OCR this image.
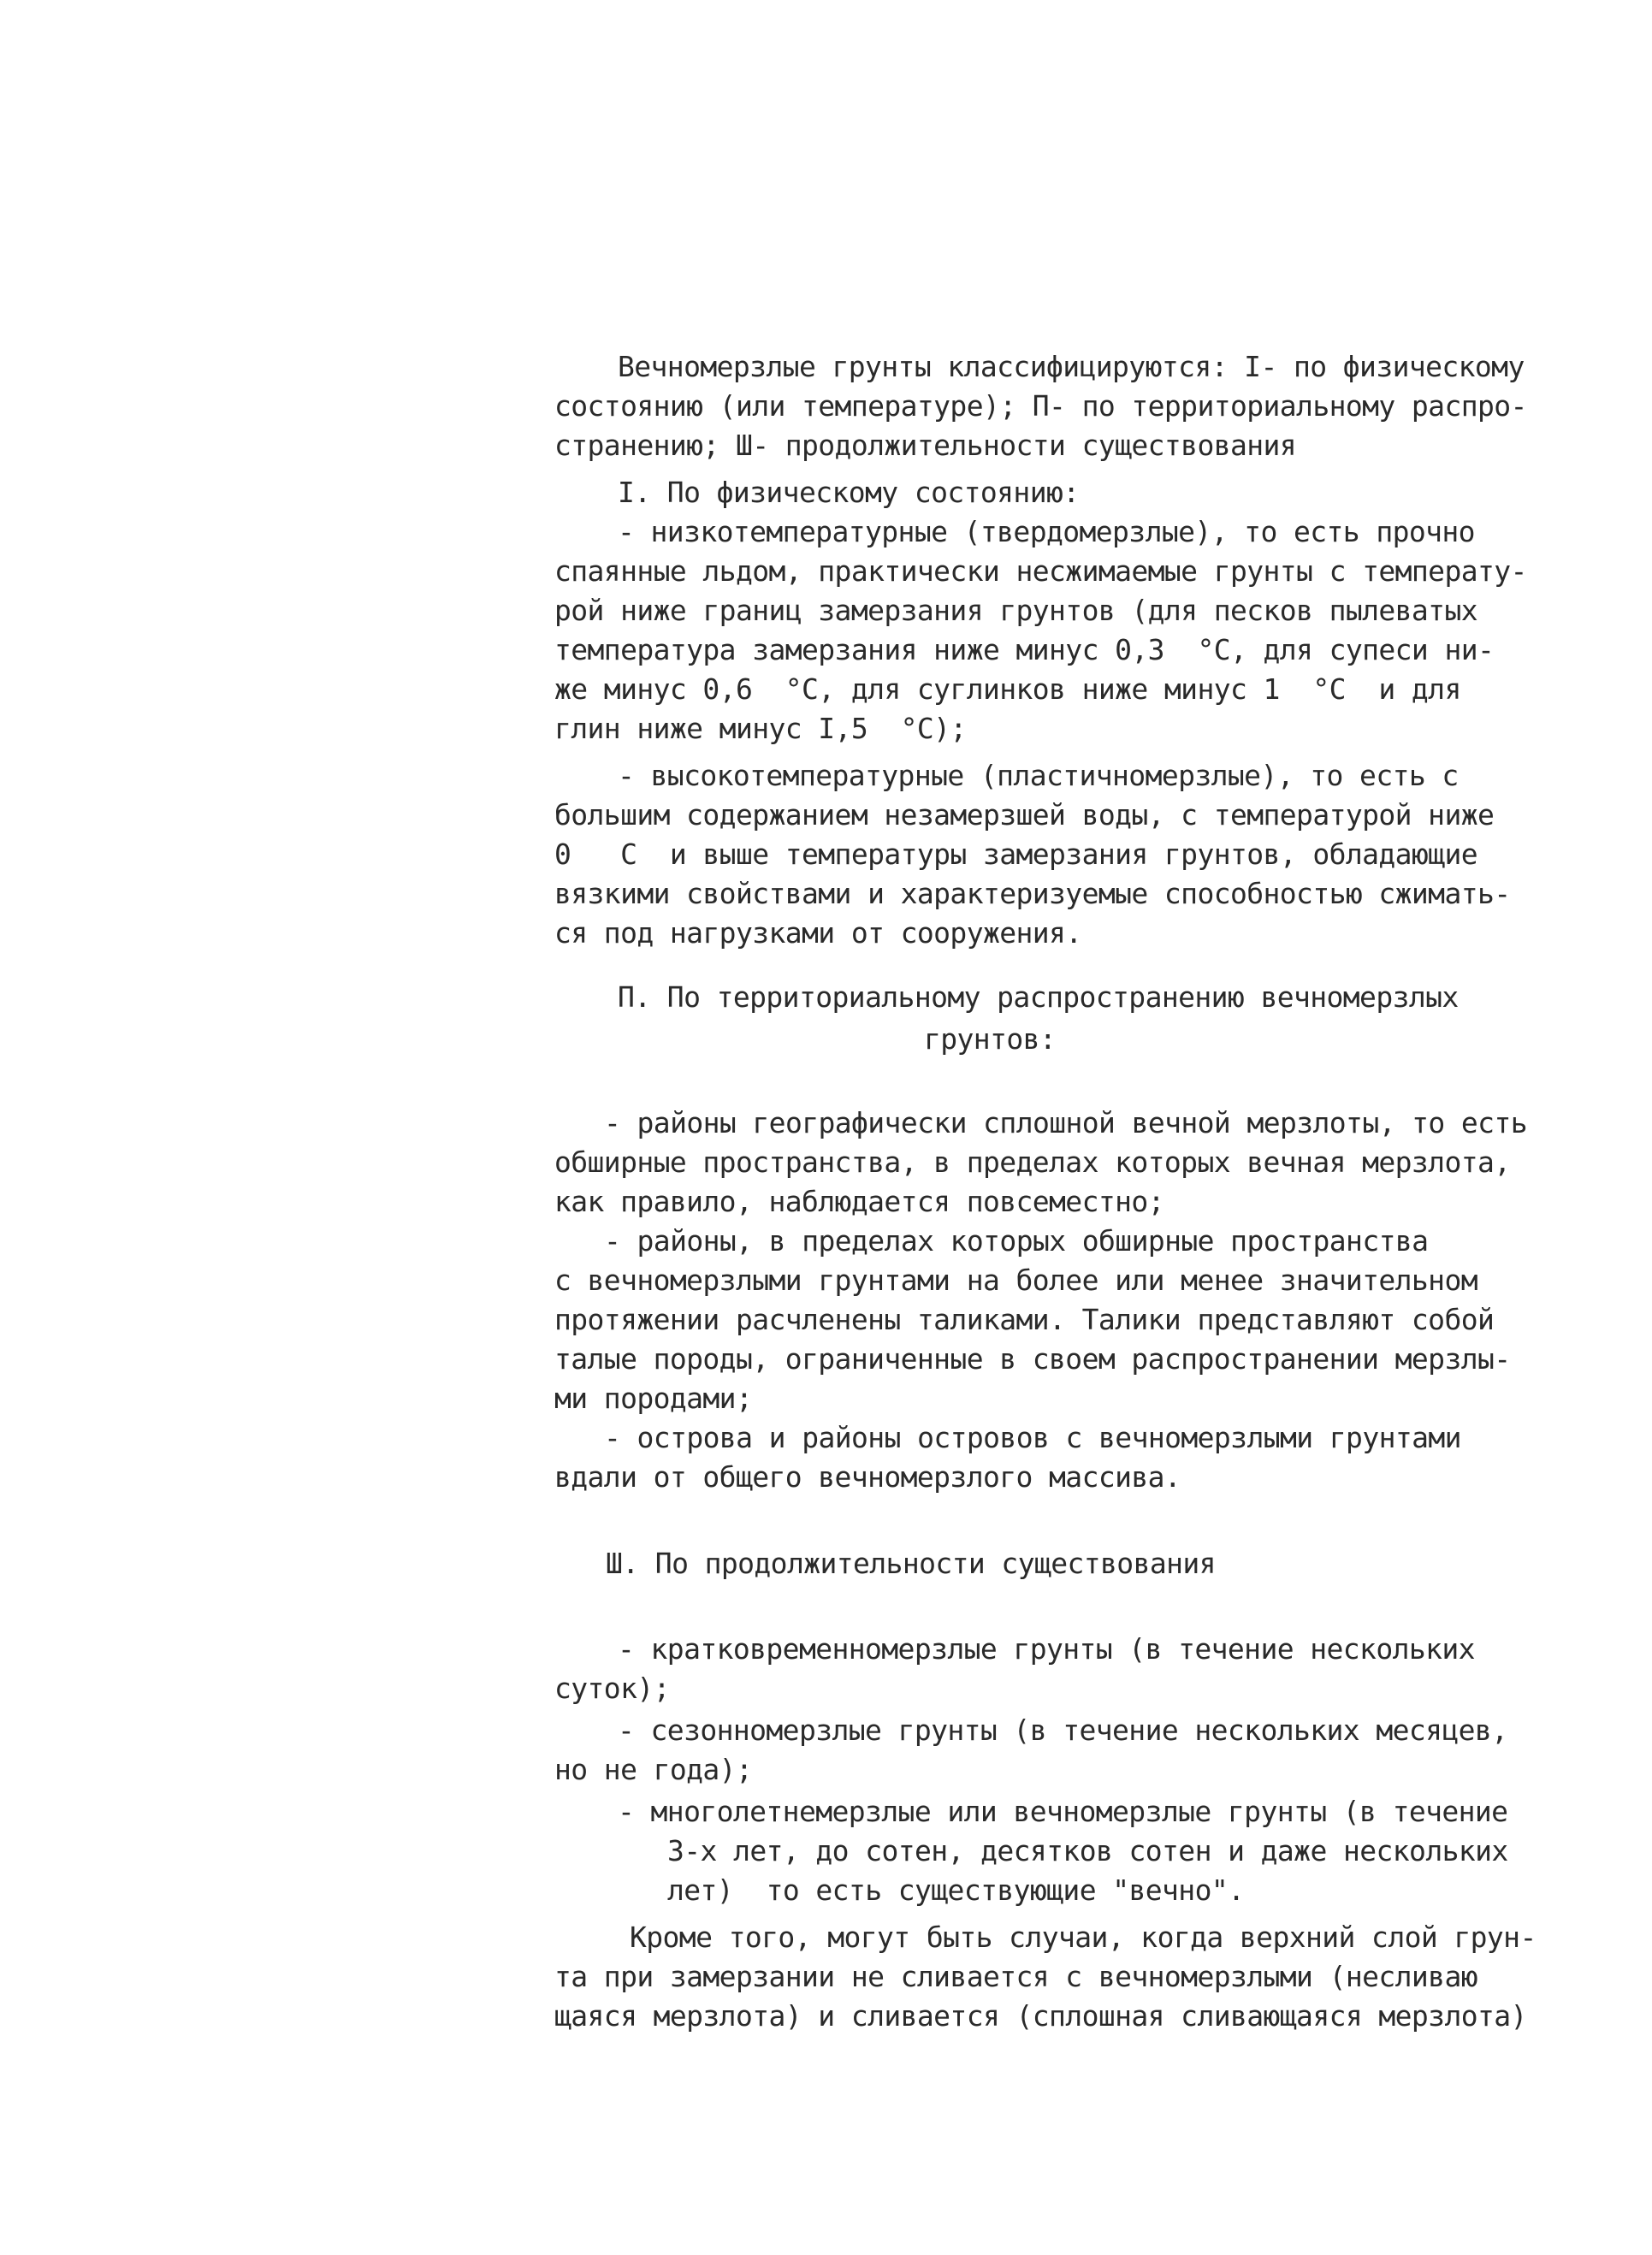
Вечномерзлые грунты классифицируются: I- по физическому
состоянию (или температуре); П- по территориальному распро-
странению; Ш- продолжительности существования
I. По физическому состоянию:
- низкотемпературные (твердомерзлые), то есть прочно
спаянные льдом, практически несжимаемые грунты с температу-
рой ниже границ замерзания грунтов (для песков пылеватых
температура замерзания ниже минус 0,3  °С, для супеси ни-
же минус 0,6  °С, для суглинков ниже минус 1  °С  и для
глин ниже минус I,5  °С);
- высокотемпературные (пластичномерзлые), то есть с
большим содержанием незамерзшей воды, с температурой ниже
0   С  и выше температуры замерзания грунтов, обладающие
вязкими свойствами и характеризуемые способностью сжимать-
ся под нагрузками от сооружения.
П. По территориальному распространению вечномерзлых
грунтов:
- районы географически сплошной вечной мерзлоты, то есть
обширные пространства, в пределах которых вечная мерзлота,
как правило, наблюдается повсеместно;
- районы, в пределах которых обширные пространства
с вечномерзлыми грунтами на более или менее значительном
протяжении расчленены таликами. Талики представляют собой
талые породы, ограниченные в своем распространении мерзлы-
ми породами;
- острова и районы островов с вечномерзлыми грунтами
вдали от общего вечномерзлого массива.
Ш. По продолжительности существования
- кратковременномерзлые грунты (в течение нескольких
суток);
- сезонномерзлые грунты (в течение нескольких месяцев,
но не года);
- многолетнемерзлые или вечномерзлые грунты (в течение
3-х лет, до сотен, десятков сотен и даже нескольких
лет)  то есть существующие "вечно".
Кроме того, могут быть случаи, когда верхний слой грун-
та при замерзании не сливается с вечномерзлыми (несливаю
щаяся мерзлота) и сливается (сплошная сливающаяся мерзлота)
